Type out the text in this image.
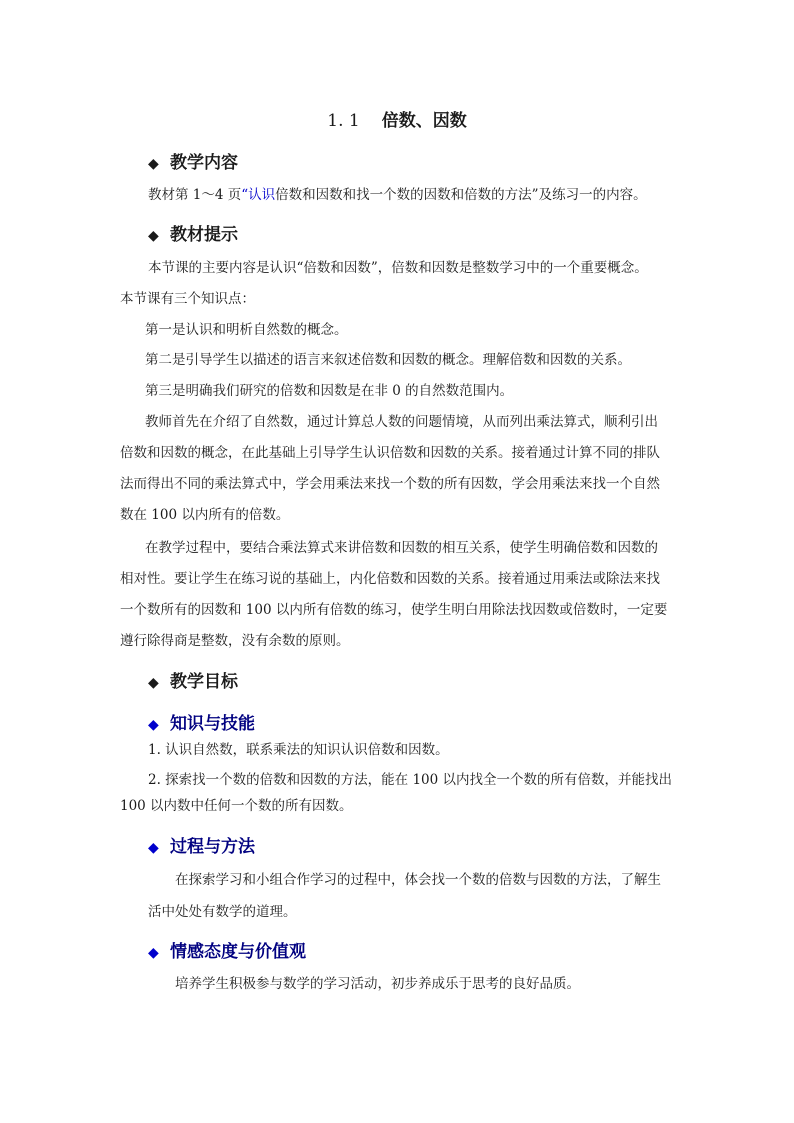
1. 1 倍数、因数
◆ 教学内容
教材第 1～4 页“认识倍数和因数和找一个数的因数和倍数的方法”及练习一的内容。
◆ 教材提示
本节课的主要内容是认识“倍数和因数”，倍数和因数是整数学习中的一个重要概念。
本节课有三个知识点：
第一是认识和明析自然数的概念。
第二是引导学生以描述的语言来叙述倍数和因数的概念。理解倍数和因数的关系。
第三是明确我们研究的倍数和因数是在非 0 的自然数范围内。
教师首先在介绍了自然数，通过计算总人数的问题情境，从而列出乘法算式，顺利引出
倍数和因数的概念，在此基础上引导学生认识倍数和因数的关系。接着通过计算不同的排队
法而得出不同的乘法算式中，学会用乘法来找一个数的所有因数，学会用乘法来找一个自然
数在 100 以内所有的倍数。
在教学过程中，要结合乘法算式来讲倍数和因数的相互关系，使学生明确倍数和因数的
相对性。要让学生在练习说的基础上，内化倍数和因数的关系。接着通过用乘法或除法来找
一个数所有的因数和 100 以内所有倍数的练习，使学生明白用除法找因数或倍数时，一定要
遵行除得商是整数，没有余数的原则。
◆ 教学目标
◆ 知识与技能
1. 认识自然数，联系乘法的知识认识倍数和因数。
2. 探索找一个数的倍数和因数的方法，能在 100 以内找全一个数的所有倍数，并能找出
100 以内数中任何一个数的所有因数。
◆ 过程与方法
在探索学习和小组合作学习的过程中，体会找一个数的倍数与因数的方法，了解生
活中处处有数学的道理。
◆ 情感态度与价值观
培养学生积极参与数学的学习活动，初步养成乐于思考的良好品质。
